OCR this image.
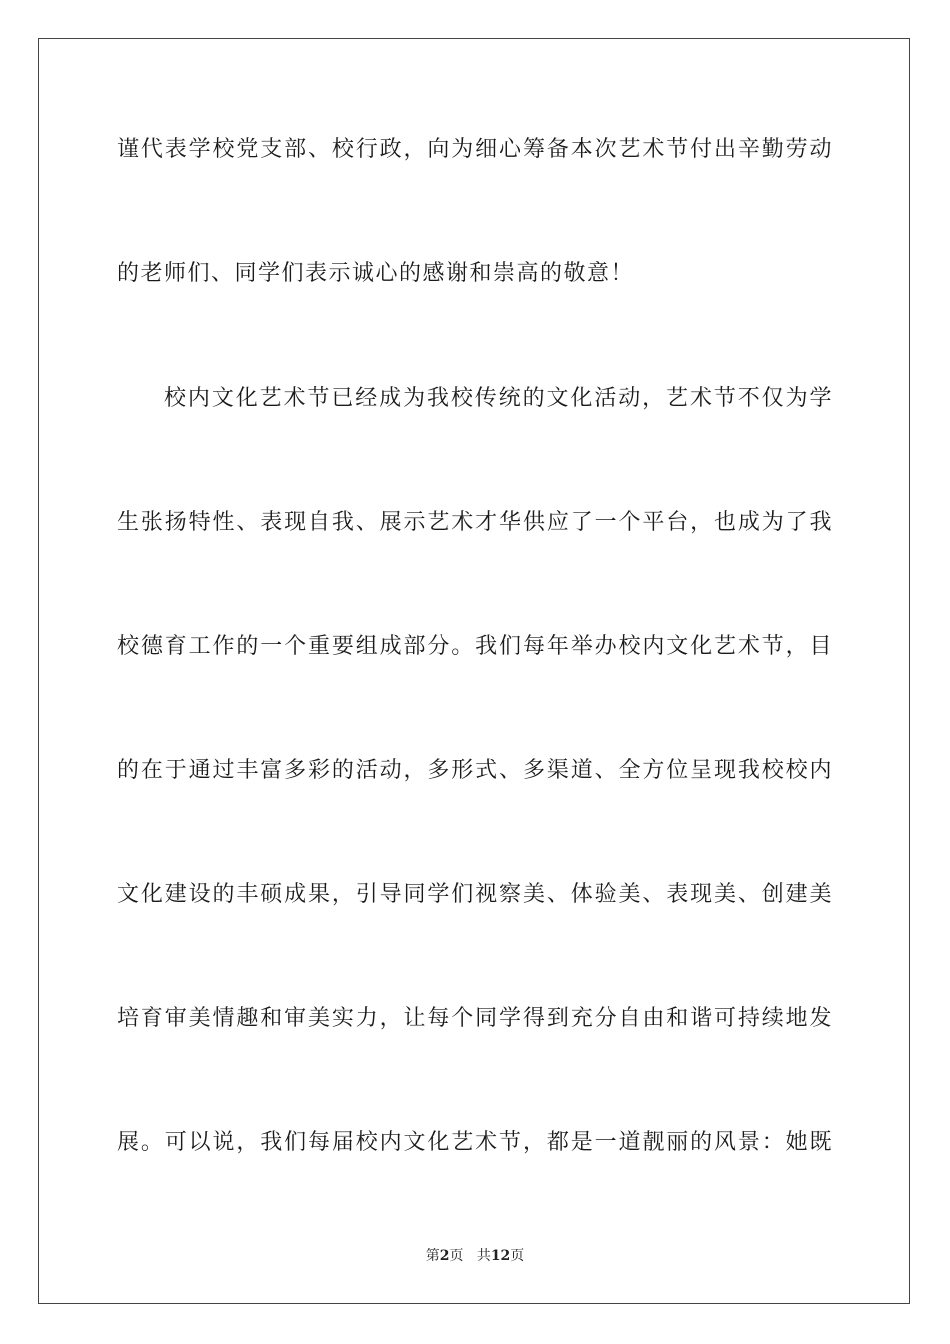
谨代表学校党支部、校行政，向为细心筹备本次艺术节付出辛勤劳动
的老师们、同学们表示诚心的感谢和崇高的敬意！
校内文化艺术节已经成为我校传统的文化活动，艺术节不仅为学
生张扬特性、表现自我、展示艺术才华供应了一个平台，也成为了我
校德育工作的一个重要组成部分。我们每年举办校内文化艺术节，目
的在于通过丰富多彩的活动，多形式、多渠道、全方位呈现我校校内
文化建设的丰硕成果，引导同学们视察美、体验美、表现美、创建美
培育审美情趣和审美实力，让每个同学得到充分自由和谐可持续地发
展。可以说，我们每届校内文化艺术节，都是一道靓丽的风景：她既
第2页 共12页
